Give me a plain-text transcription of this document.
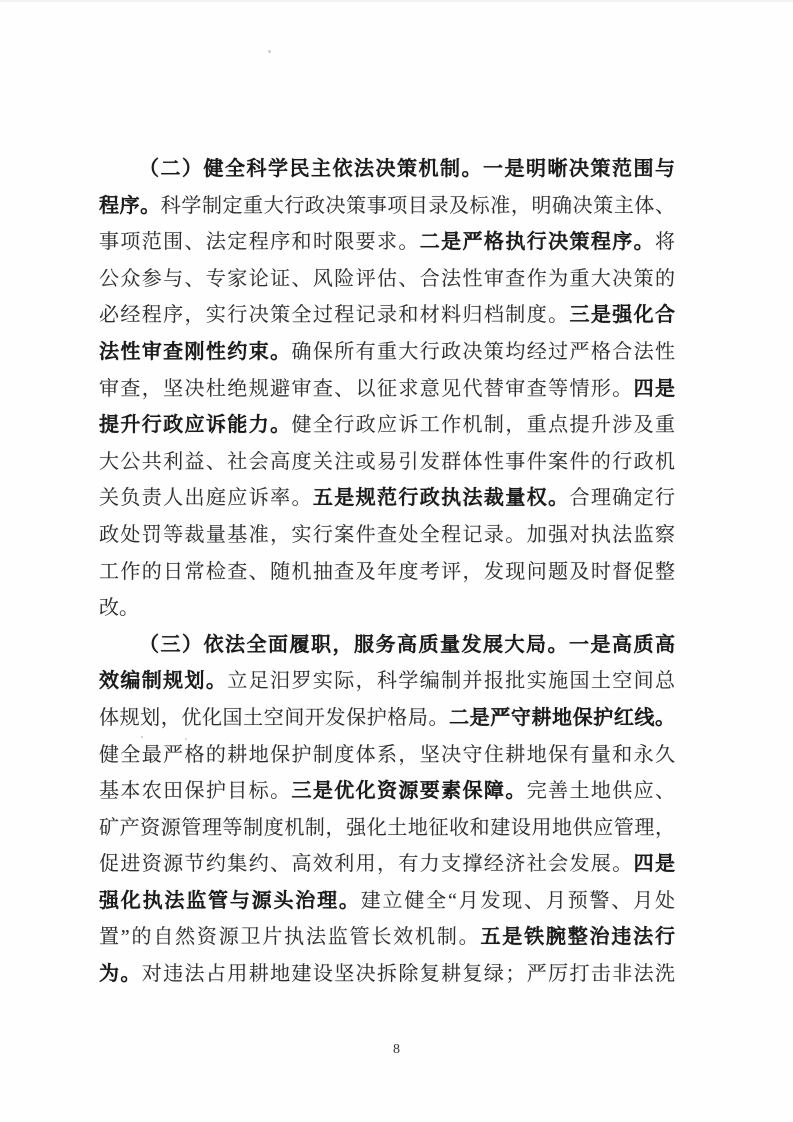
（二）健全科学民主依法决策机制。一是明晰决策范围与
程序。科学制定重大行政决策事项目录及标准，明确决策主体、
事项范围、法定程序和时限要求。二是严格执行决策程序。将
公众参与、专家论证、风险评估、合法性审查作为重大决策的
必经程序，实行决策全过程记录和材料归档制度。三是强化合
法性审查刚性约束。确保所有重大行政决策均经过严格合法性
审查，坚决杜绝规避审查、以征求意见代替审查等情形。四是
提升行政应诉能力。健全行政应诉工作机制，重点提升涉及重
大公共利益、社会高度关注或易引发群体性事件案件的行政机
关负责人出庭应诉率。五是规范行政执法裁量权。合理确定行
政处罚等裁量基准，实行案件查处全程记录。加强对执法监察
工作的日常检查、随机抽查及年度考评，发现问题及时督促整
改。
（三）依法全面履职，服务高质量发展大局。一是高质高
效编制规划。立足汨罗实际，科学编制并报批实施国土空间总
体规划，优化国土空间开发保护格局。二是严守耕地保护红线。
健全最严格的耕地保护制度体系，坚决守住耕地保有量和永久
基本农田保护目标。三是优化资源要素保障。完善土地供应、
矿产资源管理等制度机制，强化土地征收和建设用地供应管理，
促进资源节约集约、高效利用，有力支撑经济社会发展。四是
强化执法监管与源头治理。建立健全“月发现、月预警、月处
置”的自然资源卫片执法监管长效机制。五是铁腕整治违法行
为。对违法占用耕地建设坚决拆除复耕复绿；严厉打击非法洗
8
